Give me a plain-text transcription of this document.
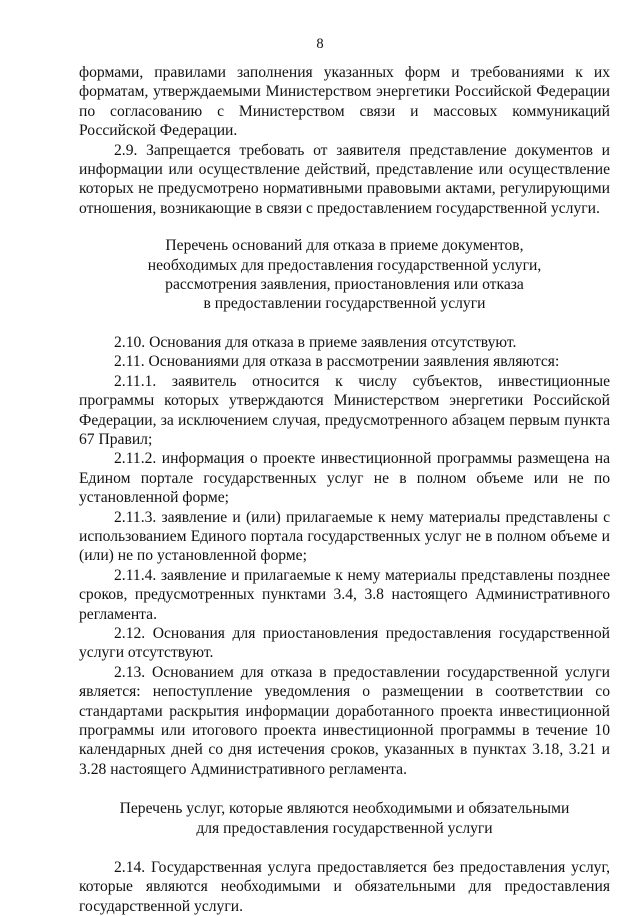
8

формами, правилами заполнения указанных форм и требованиями к их форматам, утверждаемыми Министерством энергетики Российской Федерации по согласованию с Министерством связи и массовых коммуникаций Российской Федерации.

2.9. Запрещается требовать от заявителя представление документов и информации или осуществление действий, представление или осуществление которых не предусмотрено нормативными правовыми актами, регулирующими отношения, возникающие в связи с предоставлением государственной услуги.

Перечень оснований для отказа в приеме документов,

необходимых для предоставления государственной услуги,

рассмотрения заявления, приостановления или отказа

в предоставлении государственной услуги

2.10. Основания для отказа в приеме заявления отсутствуют.

2.11. Основаниями для отказа в рассмотрении заявления являются:

2.11.1. заявитель относится к числу субъектов, инвестиционные программы которых утверждаются Министерством энергетики Российской Федерации, за исключением случая, предусмотренного абзацем первым пункта 67 Правил;

2.11.2. информация о проекте инвестиционной программы размещена на Едином портале государственных услуг не в полном объеме или не по установленной форме;

2.11.3. заявление и (или) прилагаемые к нему материалы представлены с использованием Единого портала государственных услуг не в полном объеме и (или) не по установленной форме;

2.11.4. заявление и прилагаемые к нему материалы представлены позднее сроков, предусмотренных пунктами 3.4, 3.8 настоящего Административного регламента.

2.12. Основания для приостановления предоставления государственной услуги отсутствуют.

2.13. Основанием для отказа в предоставлении государственной услуги является: непоступление уведомления о размещении в соответствии со стандартами раскрытия информации доработанного проекта инвестиционной программы или итогового проекта инвестиционной программы в течение 10 календарных дней со дня истечения сроков, указанных в пунктах 3.18, 3.21 и 3.28 настоящего Административного регламента.

Перечень услуг, которые являются необходимыми и обязательными

для предоставления государственной услуги

2.14. Государственная услуга предоставляется без предоставления услуг, которые являются необходимыми и обязательными для предоставления государственной услуги.
